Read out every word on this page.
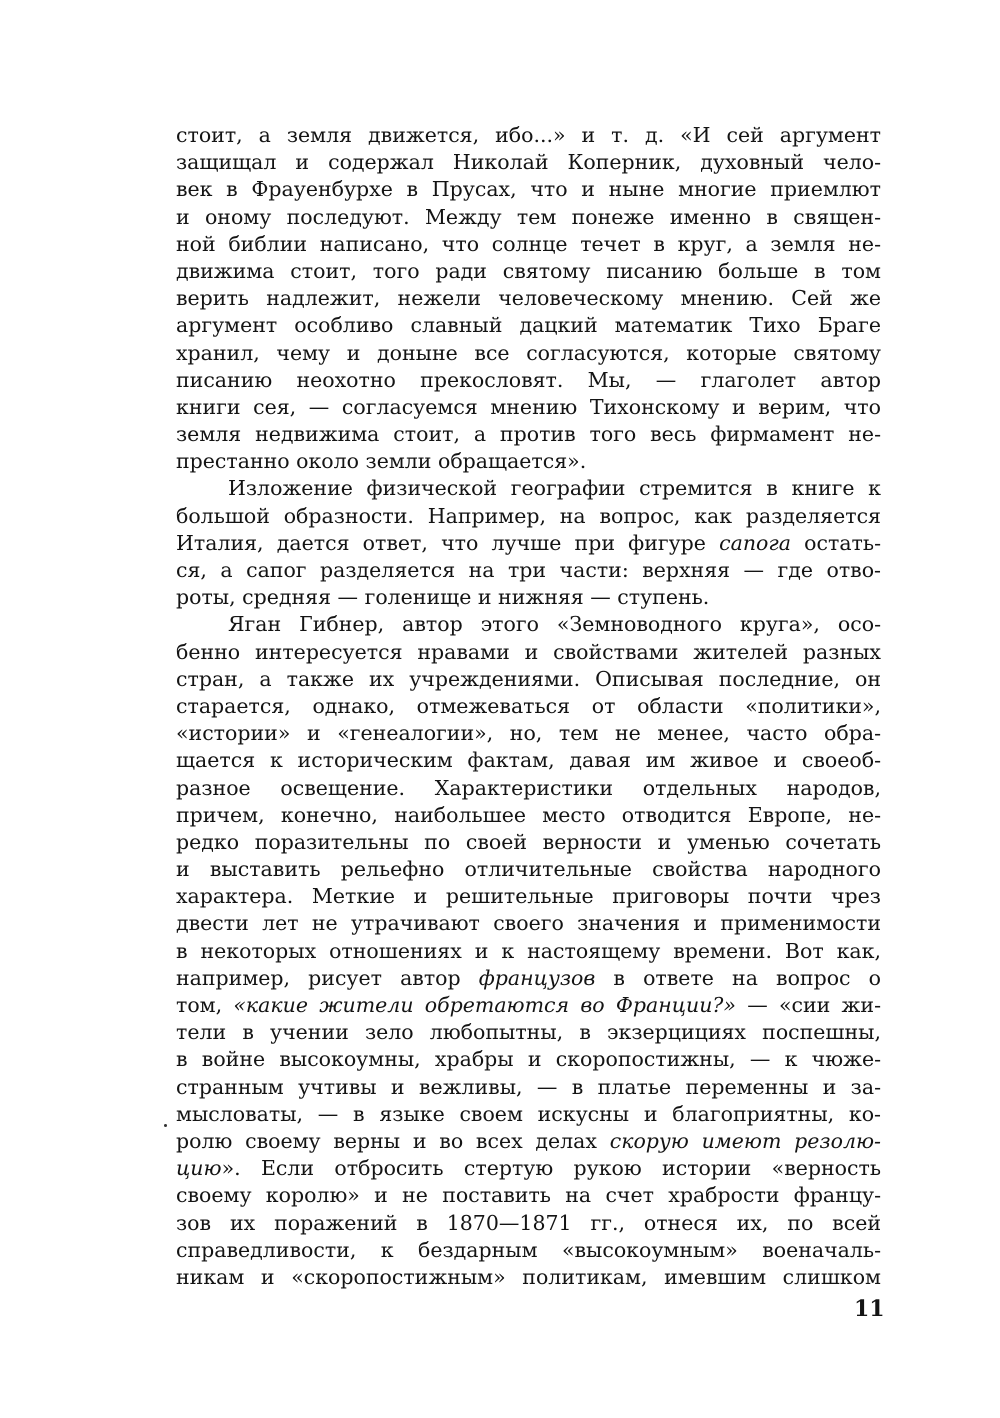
стоит, а земля движется, ибо...» и т. д. «И сей аргумент
защищал и содержал Николай Коперник, духовный чело-
век в Фрауенбурхе в Прусах, что и ныне многие приемлют
и оному последуют. Между тем понеже именно в священ-
ной библии написано, что солнце течет в круг, а земля не-
движима стоит, того ради святому писанию больше в том
верить надлежит, нежели человеческому мнению. Сей же
аргумент особливо славный дацкий математик Тихо Браге
хранил, чему и доныне все согласуются, которые святому
писанию неохотно прекословят. Мы, — глаголет автор
книги сея, — согласуемся мнению Тихонскому и верим, что
земля недвижима стоит, а против того весь фирмамент не-
престанно около земли обращается».
Изложение физической географии стремится в книге к
большой образности. Например, на вопрос, как разделяется
Италия, дается ответ, что лучше при фигуре сапога остать-
ся, а сапог разделяется на три части: верхняя — где отво-
роты, средняя — голенище и нижняя — ступень.
Яган Гибнер, автор этого «Земноводного круга», осо-
бенно интересуется нравами и свойствами жителей разных
стран, а также их учреждениями. Описывая последние, он
старается, однако, отмежеваться от области «политики»,
«истории» и «генеалогии», но, тем не менее, часто обра-
щается к историческим фактам, давая им живое и своеоб-
разное освещение. Характеристики отдельных народов,
причем, конечно, наибольшее место отводится Европе, не-
редко поразительны по своей верности и уменью сочетать
и выставить рельефно отличительные свойства народного
характера. Меткие и решительные приговоры почти чрез
двести лет не утрачивают своего значения и применимости
в некоторых отношениях и к настоящему времени. Вот как,
например, рисует автор французов в ответе на вопрос о
том, «какие жители обретаются во Франции?» — «сии жи-
тели в учении зело любопытны, в экзерцициях поспешны,
в войне высокоумны, храбры и скоропостижны, — к чюже-
странным учтивы и вежливы, — в платье переменны и за-
мысловаты, — в языке своем искусны и благоприятны, ко-
ролю своему верны и во всех делах скорую имеют резолю-
цию». Если отбросить стертую рукою истории «верность
своему королю» и не поставить на счет храбрости францу-
зов их поражений в 1870—1871 гг., отнеся их, по всей
справедливости, к бездарным «высокоумным» военачаль-
никам и «скоропостижным» политикам, имевшим слишком
11
